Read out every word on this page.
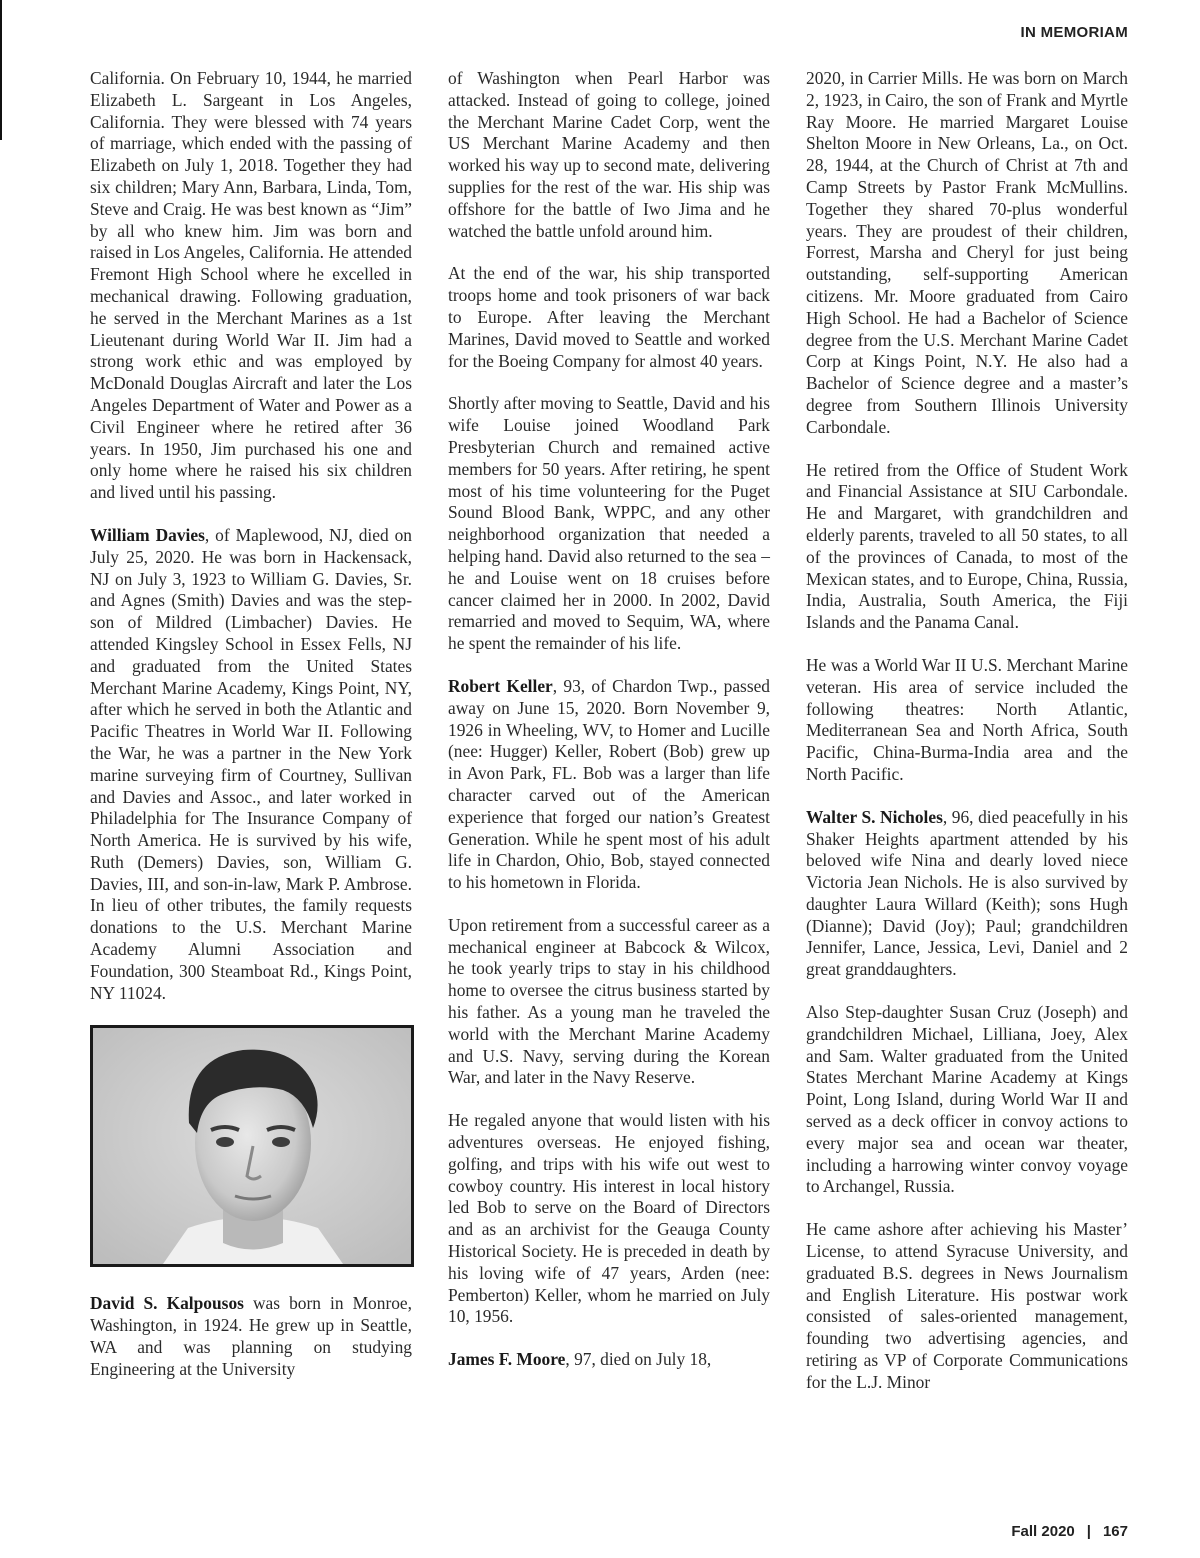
IN MEMORIAM

California. On February 10, 1944, he married Elizabeth L. Sargeant in Los Angeles, California. They were blessed with 74 years of marriage, which ended with the passing of Elizabeth on July 1, 2018. Together they had six children; Mary Ann, Barbara, Linda, Tom, Steve and Craig. He was best known as “Jim” by all who knew him. Jim was born and raised in Los Angeles, California. He attended Fremont High School where he excelled in mechanical drawing. Following graduation, he served in the Merchant Marines as a 1st Lieutenant during World War II. Jim had a strong work ethic and was employed by McDonald Douglas Aircraft and later the Los Angeles Department of Water and Power as a Civil Engineer where he retired after 36 years. In 1950, Jim purchased his one and only home where he raised his six children and lived until his passing.

William Davies, of Maplewood, NJ, died on July 25, 2020. He was born in Hackensack, NJ on July 3, 1923 to William G. Davies, Sr. and Agnes (Smith) Davies and was the step-son of Mildred (Limbacher) Davies. He attended Kingsley School in Essex Fells, NJ and graduated from the United States Merchant Marine Academy, Kings Point, NY, after which he served in both the Atlantic and Pacific Theatres in World War II. Following the War, he was a partner in the New York marine surveying firm of Courtney, Sullivan and Davies and Assoc., and later worked in Philadelphia for The Insurance Company of North America. He is survived by his wife, Ruth (Demers) Davies, son, William G. Davies, III, and son-in-law, Mark P. Ambrose. In lieu of other tributes, the family requests donations to the U.S. Merchant Marine Academy Alumni Association and Foundation, 300 Steamboat Rd., Kings Point, NY 11024.

David S. Kalpousos was born in Monroe, Washington, in 1924. He grew up in Seattle, WA and was planning on studying Engineering at the University

of Washington when Pearl Harbor was attacked. Instead of going to college, joined the Merchant Marine Cadet Corp, went the US Merchant Marine Academy and then worked his way up to second mate, delivering supplies for the rest of the war. His ship was offshore for the battle of Iwo Jima and he watched the battle unfold around him.

At the end of the war, his ship transported troops home and took prisoners of war back to Europe. After leaving the Merchant Marines, David moved to Seattle and worked for the Boeing Company for almost 40 years.

Shortly after moving to Seattle, David and his wife Louise joined Woodland Park Presbyterian Church and remained active members for 50 years. After retiring, he spent most of his time volunteering for the Puget Sound Blood Bank, WPPC, and any other neighborhood organization that needed a helping hand. David also returned to the sea – he and Louise went on 18 cruises before cancer claimed her in 2000. In 2002, David remarried and moved to Sequim, WA, where he spent the remainder of his life.

Robert Keller, 93, of Chardon Twp., passed away on June 15, 2020. Born November 9, 1926 in Wheeling, WV, to Homer and Lucille (nee: Hugger) Keller, Robert (Bob) grew up in Avon Park, FL. Bob was a larger than life character carved out of the American experience that forged our nation’s Greatest Generation. While he spent most of his adult life in Chardon, Ohio, Bob, stayed connected to his hometown in Florida.

Upon retirement from a successful career as a mechanical engineer at Babcock & Wilcox, he took yearly trips to stay in his childhood home to oversee the citrus business started by his father. As a young man he traveled the world with the Merchant Marine Academy and U.S. Navy, serving during the Korean War, and later in the Navy Reserve.

He regaled anyone that would listen with his adventures overseas. He enjoyed fishing, golfing, and trips with his wife out west to cowboy country. His interest in local history led Bob to serve on the Board of Directors and as an archivist for the Geauga County Historical Society. He is preceded in death by his loving wife of 47 years, Arden (nee: Pemberton) Keller, whom he married on July 10, 1956.

James F. Moore, 97, died on July 18,

2020, in Carrier Mills. He was born on March 2, 1923, in Cairo, the son of Frank and Myrtle Ray Moore. He married Margaret Louise Shelton Moore in New Orleans, La., on Oct. 28, 1944, at the Church of Christ at 7th and Camp Streets by Pastor Frank McMullins. Together they shared 70-plus wonderful years. They are proudest of their children, Forrest, Marsha and Cheryl for just being outstanding, self-supporting American citizens. Mr. Moore graduated from Cairo High School. He had a Bachelor of Science degree from the U.S. Merchant Marine Cadet Corp at Kings Point, N.Y. He also had a Bachelor of Science degree and a master’s degree from Southern Illinois University Carbondale.

He retired from the Office of Student Work and Financial Assistance at SIU Carbondale. He and Margaret, with grandchildren and elderly parents, traveled to all 50 states, to all of the provinces of Canada, to most of the Mexican states, and to Europe, China, Russia, India, Australia, South America, the Fiji Islands and the Panama Canal.

He was a World War II U.S. Merchant Marine veteran. His area of service included the following theatres: North Atlantic, Mediterranean Sea and North Africa, South Pacific, China-Burma-India area and the North Pacific.

Walter S. Nicholes, 96, died peacefully in his Shaker Heights apartment attended by his beloved wife Nina and dearly loved niece Victoria Jean Nichols. He is also survived by daughter Laura Willard (Keith); sons Hugh (Dianne); David (Joy); Paul; grandchildren Jennifer, Lance, Jessica, Levi, Daniel and 2 great granddaughters.

Also Step-daughter Susan Cruz (Joseph) and grandchildren Michael, Lilliana, Joey, Alex and Sam. Walter graduated from the United States Merchant Marine Academy at Kings Point, Long Island, during World War II and served as a deck officer in convoy actions to every major sea and ocean war theater, including a harrowing winter convoy voyage to Archangel, Russia.

He came ashore after achieving his Master’ License, to attend Syracuse University, and graduated B.S. degrees in News Journalism and English Literature. His postwar work consisted of sales-oriented management, founding two advertising agencies, and retiring as VP of Corporate Communications for the L.J. Minor

Fall 2020 | 167
